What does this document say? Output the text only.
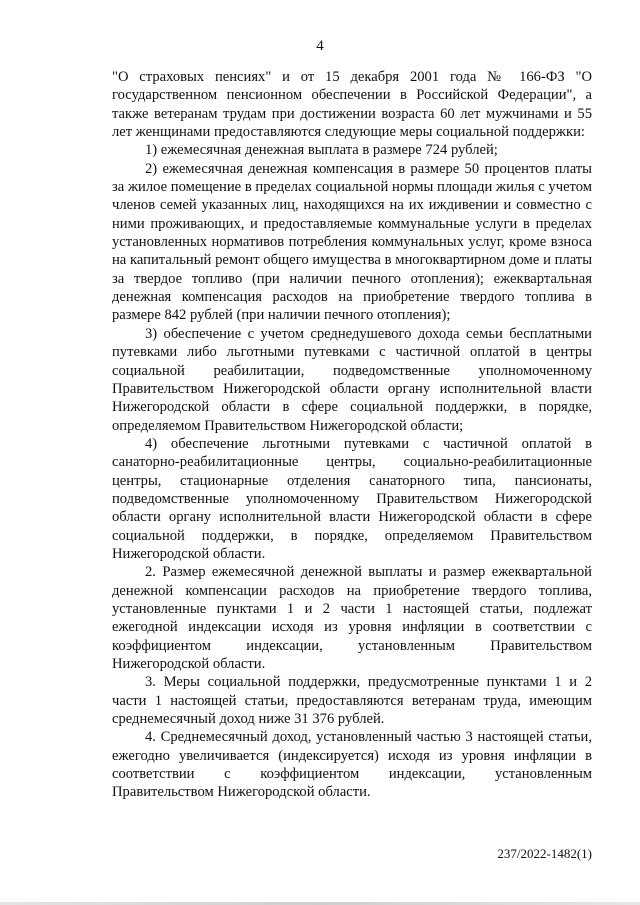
4

"О страховых пенсиях" и от 15 декабря 2001 года № 166-ФЗ "О государственном пенсионном обеспечении в Российской Федерации", а также ветеранам трудам при достижении возраста 60 лет мужчинами и 55 лет женщинами предоставляются следующие меры социальной поддержки:

1) ежемесячная денежная выплата в размере 724 рублей;

2) ежемесячная денежная компенсация в размере 50 процентов платы за жилое помещение в пределах социальной нормы площади жилья с учетом членов семей указанных лиц, находящихся на их иждивении и совместно с ними проживающих, и предоставляемые коммунальные услуги в пределах установленных нормативов потребления коммунальных услуг, кроме взноса на капитальный ремонт общего имущества в многоквартирном доме и платы за твердое топливо (при наличии печного отопления); ежеквартальная денежная компенсация расходов на приобретение твердого топлива в размере 842 рублей (при наличии печного отопления);

3) обеспечение с учетом среднедушевого дохода семьи бесплатными путевками либо льготными путевками с частичной оплатой в центры социальной реабилитации, подведомственные уполномоченному Правительством Нижегородской области органу исполнительной власти Нижегородской области в сфере социальной поддержки, в порядке, определяемом Правительством Нижегородской области;

4) обеспечение льготными путевками с частичной оплатой в санаторно-реабилитационные центры, социально-реабилитационные центры, стационарные отделения санаторного типа, пансионаты, подведомственные уполномоченному Правительством Нижегородской области органу исполнительной власти Нижегородской области в сфере социальной поддержки, в порядке, определяемом Правительством Нижегородской области.

2. Размер ежемесячной денежной выплаты и размер ежеквартальной денежной компенсации расходов на приобретение твердого топлива, установленные пунктами 1 и 2 части 1 настоящей статьи, подлежат ежегодной индексации исходя из уровня инфляции в соответствии с коэффициентом индексации, установленным Правительством Нижегородской области.

3. Меры социальной поддержки, предусмотренные пунктами 1 и 2 части 1 настоящей статьи, предоставляются ветеранам труда, имеющим среднемесячный доход ниже 31 376 рублей.

4. Среднемесячный доход, установленный частью 3 настоящей статьи, ежегодно увеличивается (индексируется) исходя из уровня инфляции в соответствии с коэффициентом индексации, установленным Правительством Нижегородской области.

237/2022-1482(1)
